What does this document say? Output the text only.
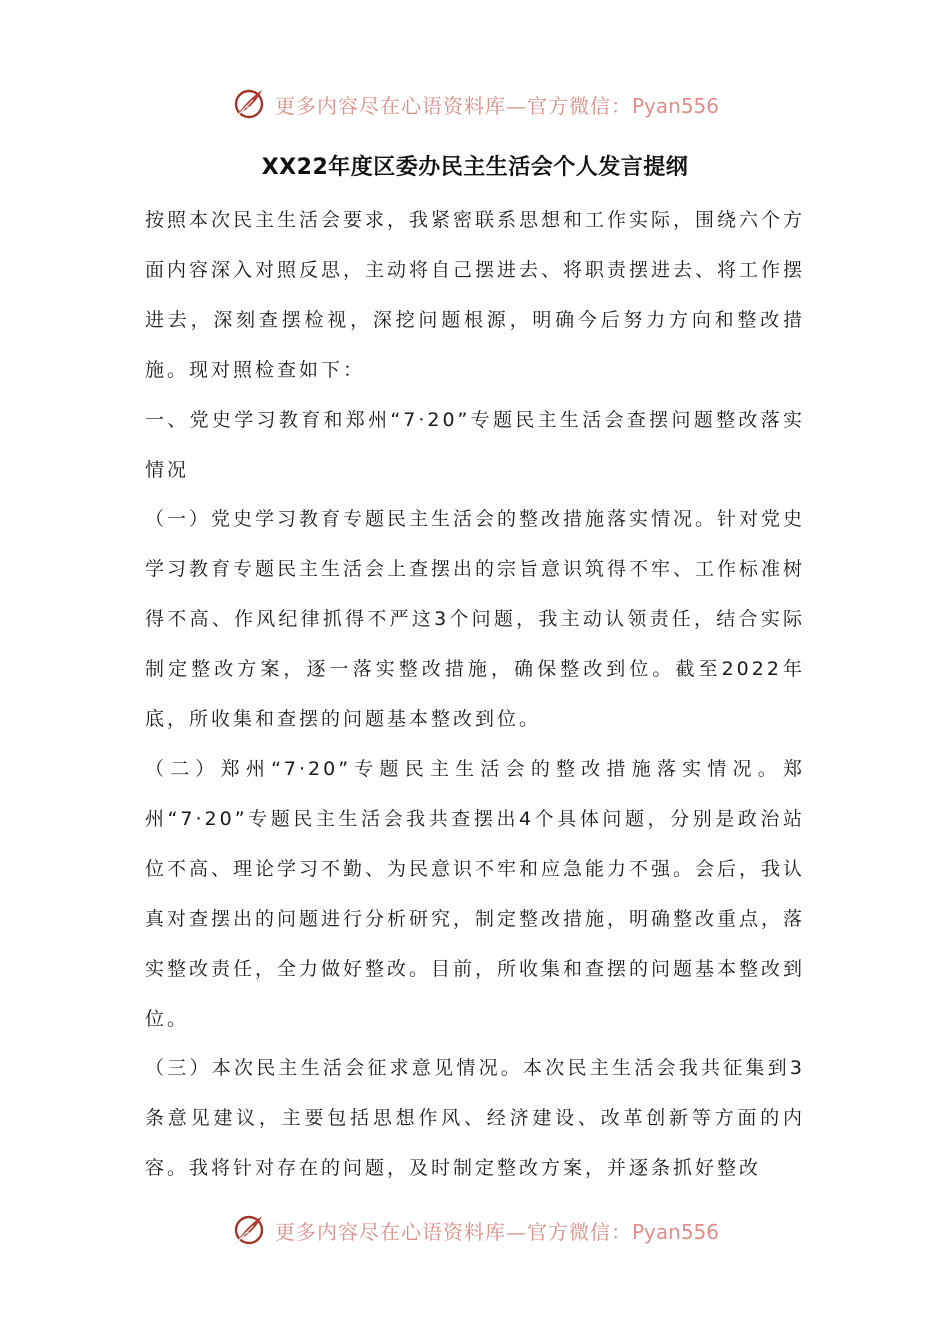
更多内容尽在心语资料库—官方微信：Pyan556
XX22年度区委办民主生活会个人发言提纲

按照本次民主生活会要求，我紧密联系思想和工作实际，围绕六个方面内容深入对照反思，主动将自己摆进去、将职责摆进去、将工作摆进去，深刻查摆检视，深挖问题根源，明确今后努力方向和整改措施。现对照检查如下：

一、党史学习教育和郑州“7·20”专题民主生活会查摆问题整改落实情况

（一）党史学习教育专题民主生活会的整改措施落实情况。针对党史学习教育专题民主生活会上查摆出的宗旨意识筑得不牢、工作标准树得不高、作风纪律抓得不严这3个问题，我主动认领责任，结合实际制定整改方案，逐一落实整改措施，确保整改到位。截至2022年底，所收集和查摆的问题基本整改到位。

（二）郑州“7·20”专题民主生活会的整改措施落实情况。郑州“7·20”专题民主生活会我共查摆出4个具体问题，分别是政治站位不高、理论学习不勤、为民意识不牢和应急能力不强。会后，我认真对查摆出的问题进行分析研究，制定整改措施，明确整改重点，落实整改责任，全力做好整改。目前，所收集和查摆的问题基本整改到位。

（三）本次民主生活会征求意见情况。本次民主生活会我共征集到3条意见建议，主要包括思想作风、经济建设、改革创新等方面的内容。我将针对存在的问题，及时制定整改方案，并逐条抓好整改

更多内容尽在心语资料库—官方微信：Pyan556
